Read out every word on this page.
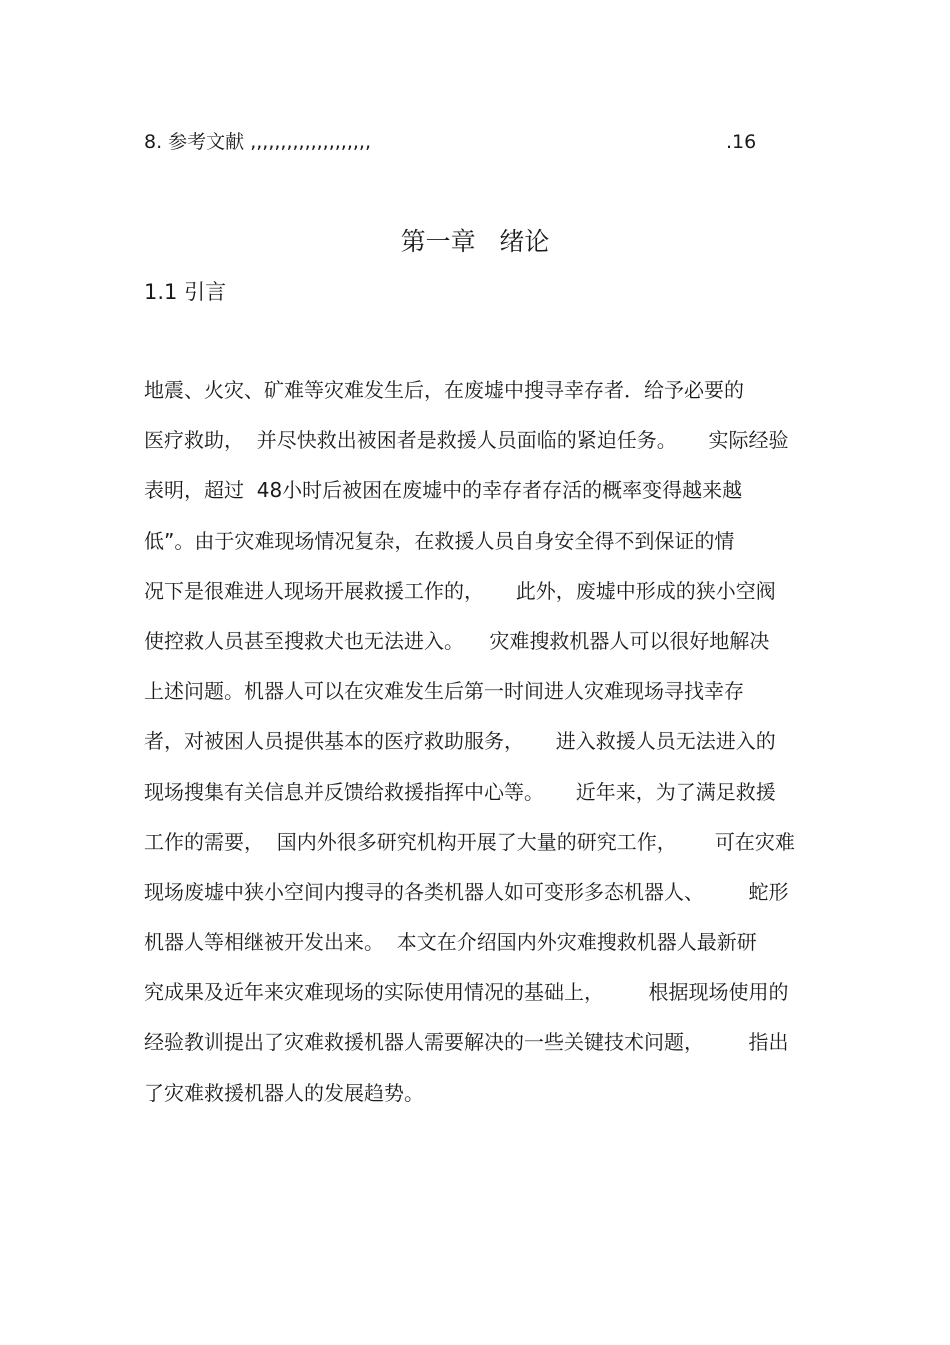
8. 参考文献 ,,,,,,,,,,,,,,,,,,,,	.16
第一章   绪论
1.1 引言
地震、火灾、矿难等灾难发生后，在废墟中搜寻幸存者．给予必要的
医疗救助，  并尽快救出被困者是救援人员面临的紧迫任务。     实际经验
表明，超过  48小时后被困在废墟中的幸存者存活的概率变得越来越
低”。由于灾难现场情况复杂，在救援人员自身安全得不到保证的情
况下是很难进人现场开展救援工作的，     此外，废墟中形成的狭小空阀
使控救人员甚至搜救犬也无法进入。    灾难搜救机器人可以很好地解决
上述问题。机器人可以在灾难发生后第一时间进人灾难现场寻找幸存
者，对被困人员提供基本的医疗救助服务，     进入救援人员无法进入的
现场搜集有关信息并反馈给救援指挥中心等。     近年来，为了满足救援
工作的需要，  国内外很多研究机构开展了大量的研究工作，      可在灾难
现场废墟中狭小空间内搜寻的各类机器人如可变形多态机器人、       蛇形
机器人等相继被开发出来。  本文在介绍国内外灾难搜救机器人最新研
究成果及近年来灾难现场的实际使用情况的基础上，       根据现场使用的
经验教训提出了灾难救援机器人需要解决的一些关键技术问题，       指出
了灾难救援机器人的发展趋势。
